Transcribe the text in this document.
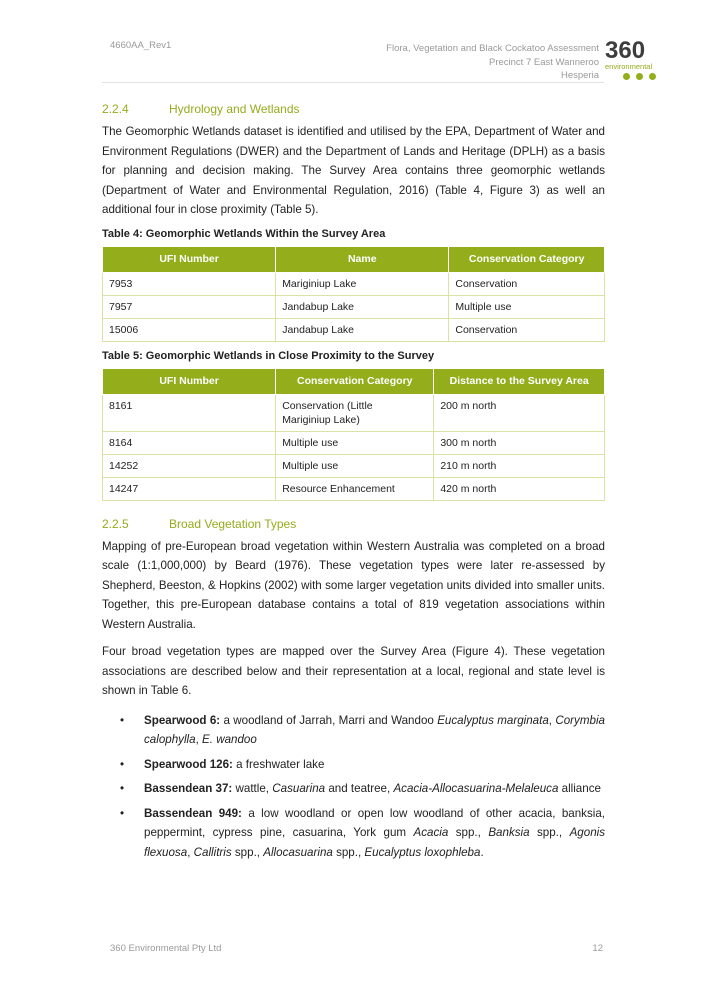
4660AA_Rev1	Flora, Vegetation and Black Cockatoo Assessment
Precinct 7 East Wanneroo
Hesperia
360
environmental
2.2.4	Hydrology and Wetlands

The Geomorphic Wetlands dataset is identified and utilised by the EPA, Department of Water and Environment Regulations (DWER) and the Department of Lands and Heritage (DPLH) as a basis for planning and decision making. The Survey Area contains three geomorphic wetlands (Department of Water and Environmental Regulation, 2016) (Table 4, Figure 3) as well an additional four in close proximity (Table 5).

Table 4: Geomorphic Wetlands Within the Survey Area
UFI Number	Name	Conservation Category
7953	Mariginiup Lake	Conservation
7957	Jandabup Lake	Multiple use
15006	Jandabup Lake	Conservation
Table 5: Geomorphic Wetlands in Close Proximity to the Survey
UFI Number	Conservation Category	Distance to the Survey Area
8161	Conservation (Little Mariginiup Lake)	200 m north
8164	Multiple use	300 m north
14252	Multiple use	210 m north
14247	Resource Enhancement	420 m north
2.2.5	Broad Vegetation Types

Mapping of pre-European broad vegetation within Western Australia was completed on a broad scale (1:1,000,000) by Beard (1976). These vegetation types were later re-assessed by Shepherd, Beeston, & Hopkins (2002) with some larger vegetation units divided into smaller units. Together, this pre-European database contains a total of 819 vegetation associations within Western Australia.

Four broad vegetation types are mapped over the Survey Area (Figure 4). These vegetation associations are described below and their representation at a local, regional and state level is shown in Table 6.

• Spearwood 6: a woodland of Jarrah, Marri and Wandoo Eucalyptus marginata, Corymbia calophylla, E. wandoo
• Spearwood 126: a freshwater lake
• Bassendean 37: wattle, Casuarina and teatree, Acacia-Allocasuarina-Melaleuca alliance
• Bassendean 949: a low woodland or open low woodland of other acacia, banksia, peppermint, cypress pine, casuarina, York gum Acacia spp., Banksia spp., Agonis flexuosa, Callitris spp., Allocasuarina spp., Eucalyptus loxophleba.
360 Environmental Pty Ltd	12
